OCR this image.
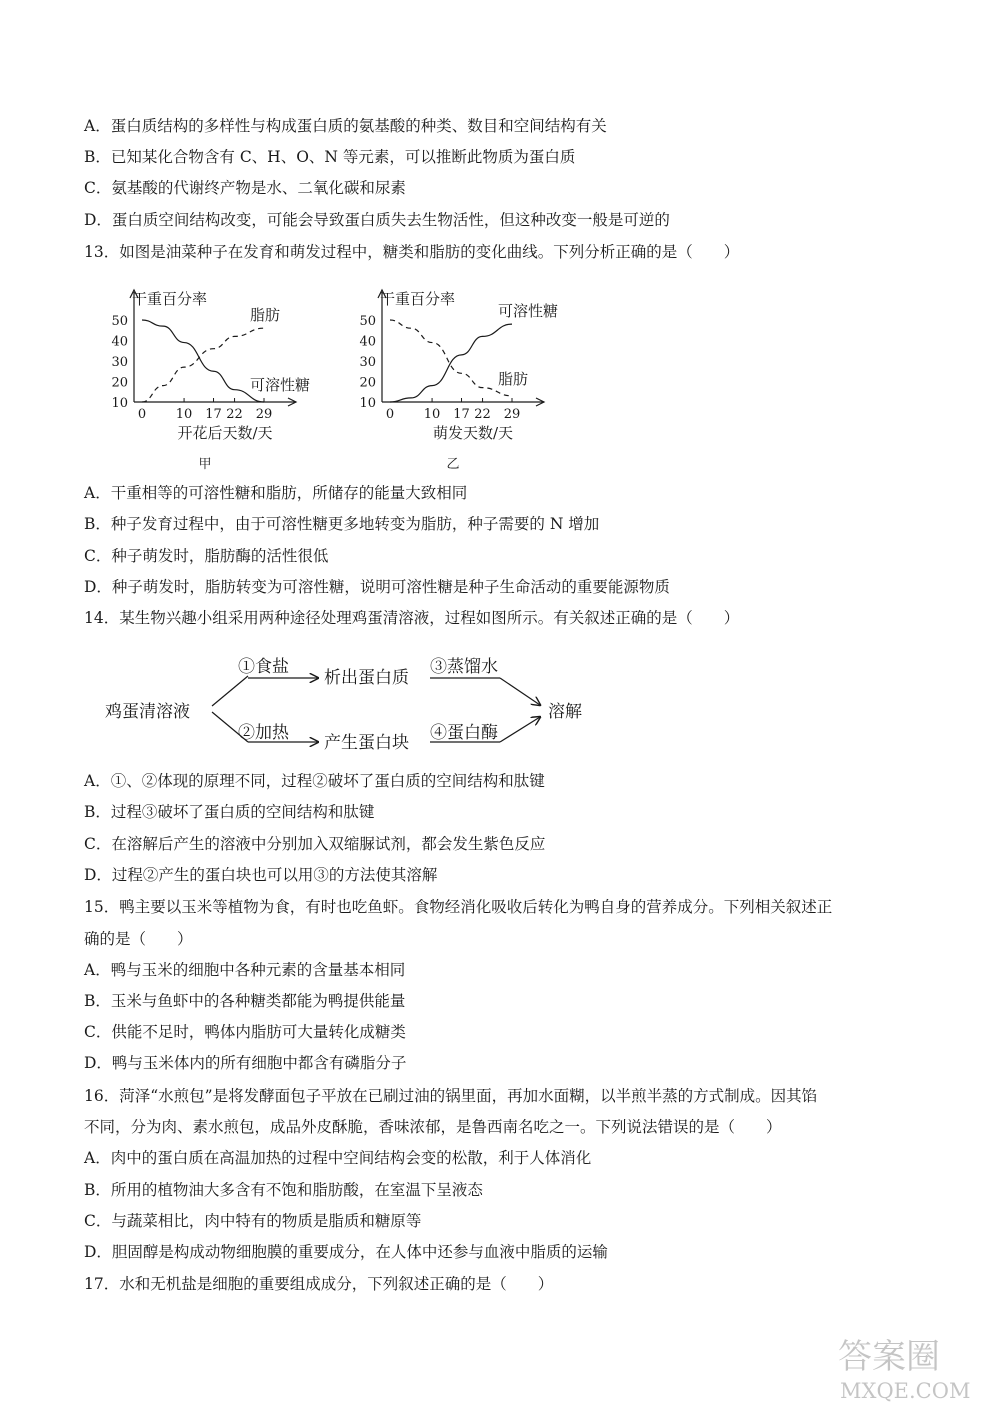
A．蛋白质结构的多样性与构成蛋白质的氨基酸的种类、数目和空间结构有关
B．已知某化合物含有 C、H、O、N 等元素，可以推断此物质为蛋白质
C．氨基酸的代谢终产物是水、二氧化碳和尿素
D．蛋白质空间结构改变，可能会导致蛋白质失去生物活性，但这种改变一般是可逆的
13．如图是油菜种子在发育和萌发过程中，糖类和脂肪的变化曲线。下列分析正确的是（　　）
干重百分率
10
20
30
40
50
0 10 17 22 29
开花后天数/天
甲
脂肪
可溶性糖
干重百分率
10
20
30
40
50
0 10 17 22 29
萌发天数/天
乙
可溶性糖
脂肪
A．干重相等的可溶性糖和脂肪，所储存的能量大致相同
B．种子发育过程中，由于可溶性糖更多地转变为脂肪，种子需要的 N 增加
C．种子萌发时，脂肪酶的活性很低
D．种子萌发时，脂肪转变为可溶性糖，说明可溶性糖是种子生命活动的重要能源物质
14．某生物兴趣小组采用两种途径处理鸡蛋清溶液，过程如图所示。有关叙述正确的是（　　）
鸡蛋清溶液
①食盐
析出蛋白质
③蒸馏水
②加热 产生蛋白块 ④蛋白酶
溶解
A．①、②体现的原理不同，过程②破坏了蛋白质的空间结构和肽键
B．过程③破坏了蛋白质的空间结构和肽键
C．在溶解后产生的溶液中分别加入双缩脲试剂，都会发生紫色反应
D．过程②产生的蛋白块也可以用③的方法使其溶解
15．鸭主要以玉米等植物为食，有时也吃鱼虾。食物经消化吸收后转化为鸭自身的营养成分。下列相关叙述正
确的是（　　）
A．鸭与玉米的细胞中各种元素的含量基本相同
B．玉米与鱼虾中的各种糖类都能为鸭提供能量
C．供能不足时，鸭体内脂肪可大量转化成糖类
D．鸭与玉米体内的所有细胞中都含有磷脂分子
16．菏泽“水煎包”是将发酵面包子平放在已刷过油的锅里面，再加水面糊，以半煎半蒸的方式制成。因其馅
不同，分为肉、素水煎包，成品外皮酥脆，香味浓郁，是鲁西南名吃之一。下列说法错误的是（　　）
A．肉中的蛋白质在高温加热的过程中空间结构会变的松散，利于人体消化
B．所用的植物油大多含有不饱和脂肪酸，在室温下呈液态
C．与蔬菜相比，肉中特有的物质是脂质和糖原等
D．胆固醇是构成动物细胞膜的重要成分，在人体中还参与血液中脂质的运输
17．水和无机盐是细胞的重要组成成分，下列叙述正确的是（　　）
答案圈
MXQE.COM
